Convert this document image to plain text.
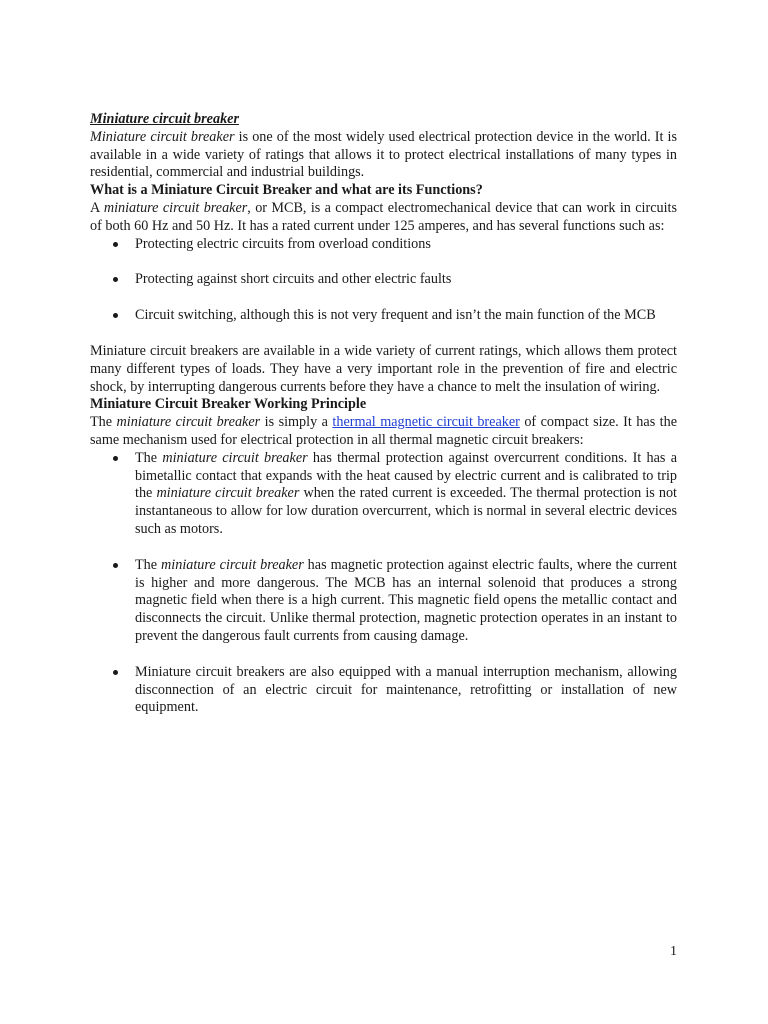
Miniature circuit breaker

Miniature circuit breaker is one of the most widely used electrical protection device in the world. It is available in a wide variety of ratings that allows it to protect electrical installations of many types in residential, commercial and industrial buildings.

What is a Miniature Circuit Breaker and what are its Functions?

A miniature circuit breaker, or MCB, is a compact electromechanical device that can work in circuits of both 60 Hz and 50 Hz. It has a rated current under 125 amperes, and has several functions such as:

Protecting electric circuits from overload conditions
Protecting against short circuits and other electric faults
Circuit switching, although this is not very frequent and isn’t the main function of the MCB

Miniature circuit breakers are available in a wide variety of current ratings, which allows them protect many different types of loads. They have a very important role in the prevention of fire and electric shock, by interrupting dangerous currents before they have a chance to melt the insulation of wiring.

Miniature Circuit Breaker Working Principle

The miniature circuit breaker is simply a thermal magnetic circuit breaker of compact size. It has the same mechanism used for electrical protection in all thermal magnetic circuit breakers:

The miniature circuit breaker has thermal protection against overcurrent conditions. It has a bimetallic contact that expands with the heat caused by electric current and is calibrated to trip the miniature circuit breaker when the rated current is exceeded. The thermal protection is not instantaneous to allow for low duration overcurrent, which is normal in several electric devices such as motors.
The miniature circuit breaker has magnetic protection against electric faults, where the current is higher and more dangerous. The MCB has an internal solenoid that produces a strong magnetic field when there is a high current. This magnetic field opens the metallic contact and disconnects the circuit. Unlike thermal protection, magnetic protection operates in an instant to prevent the dangerous fault currents from causing damage.
Miniature circuit breakers are also equipped with a manual interruption mechanism, allowing disconnection of an electric circuit for maintenance, retrofitting or installation of new equipment.
1
